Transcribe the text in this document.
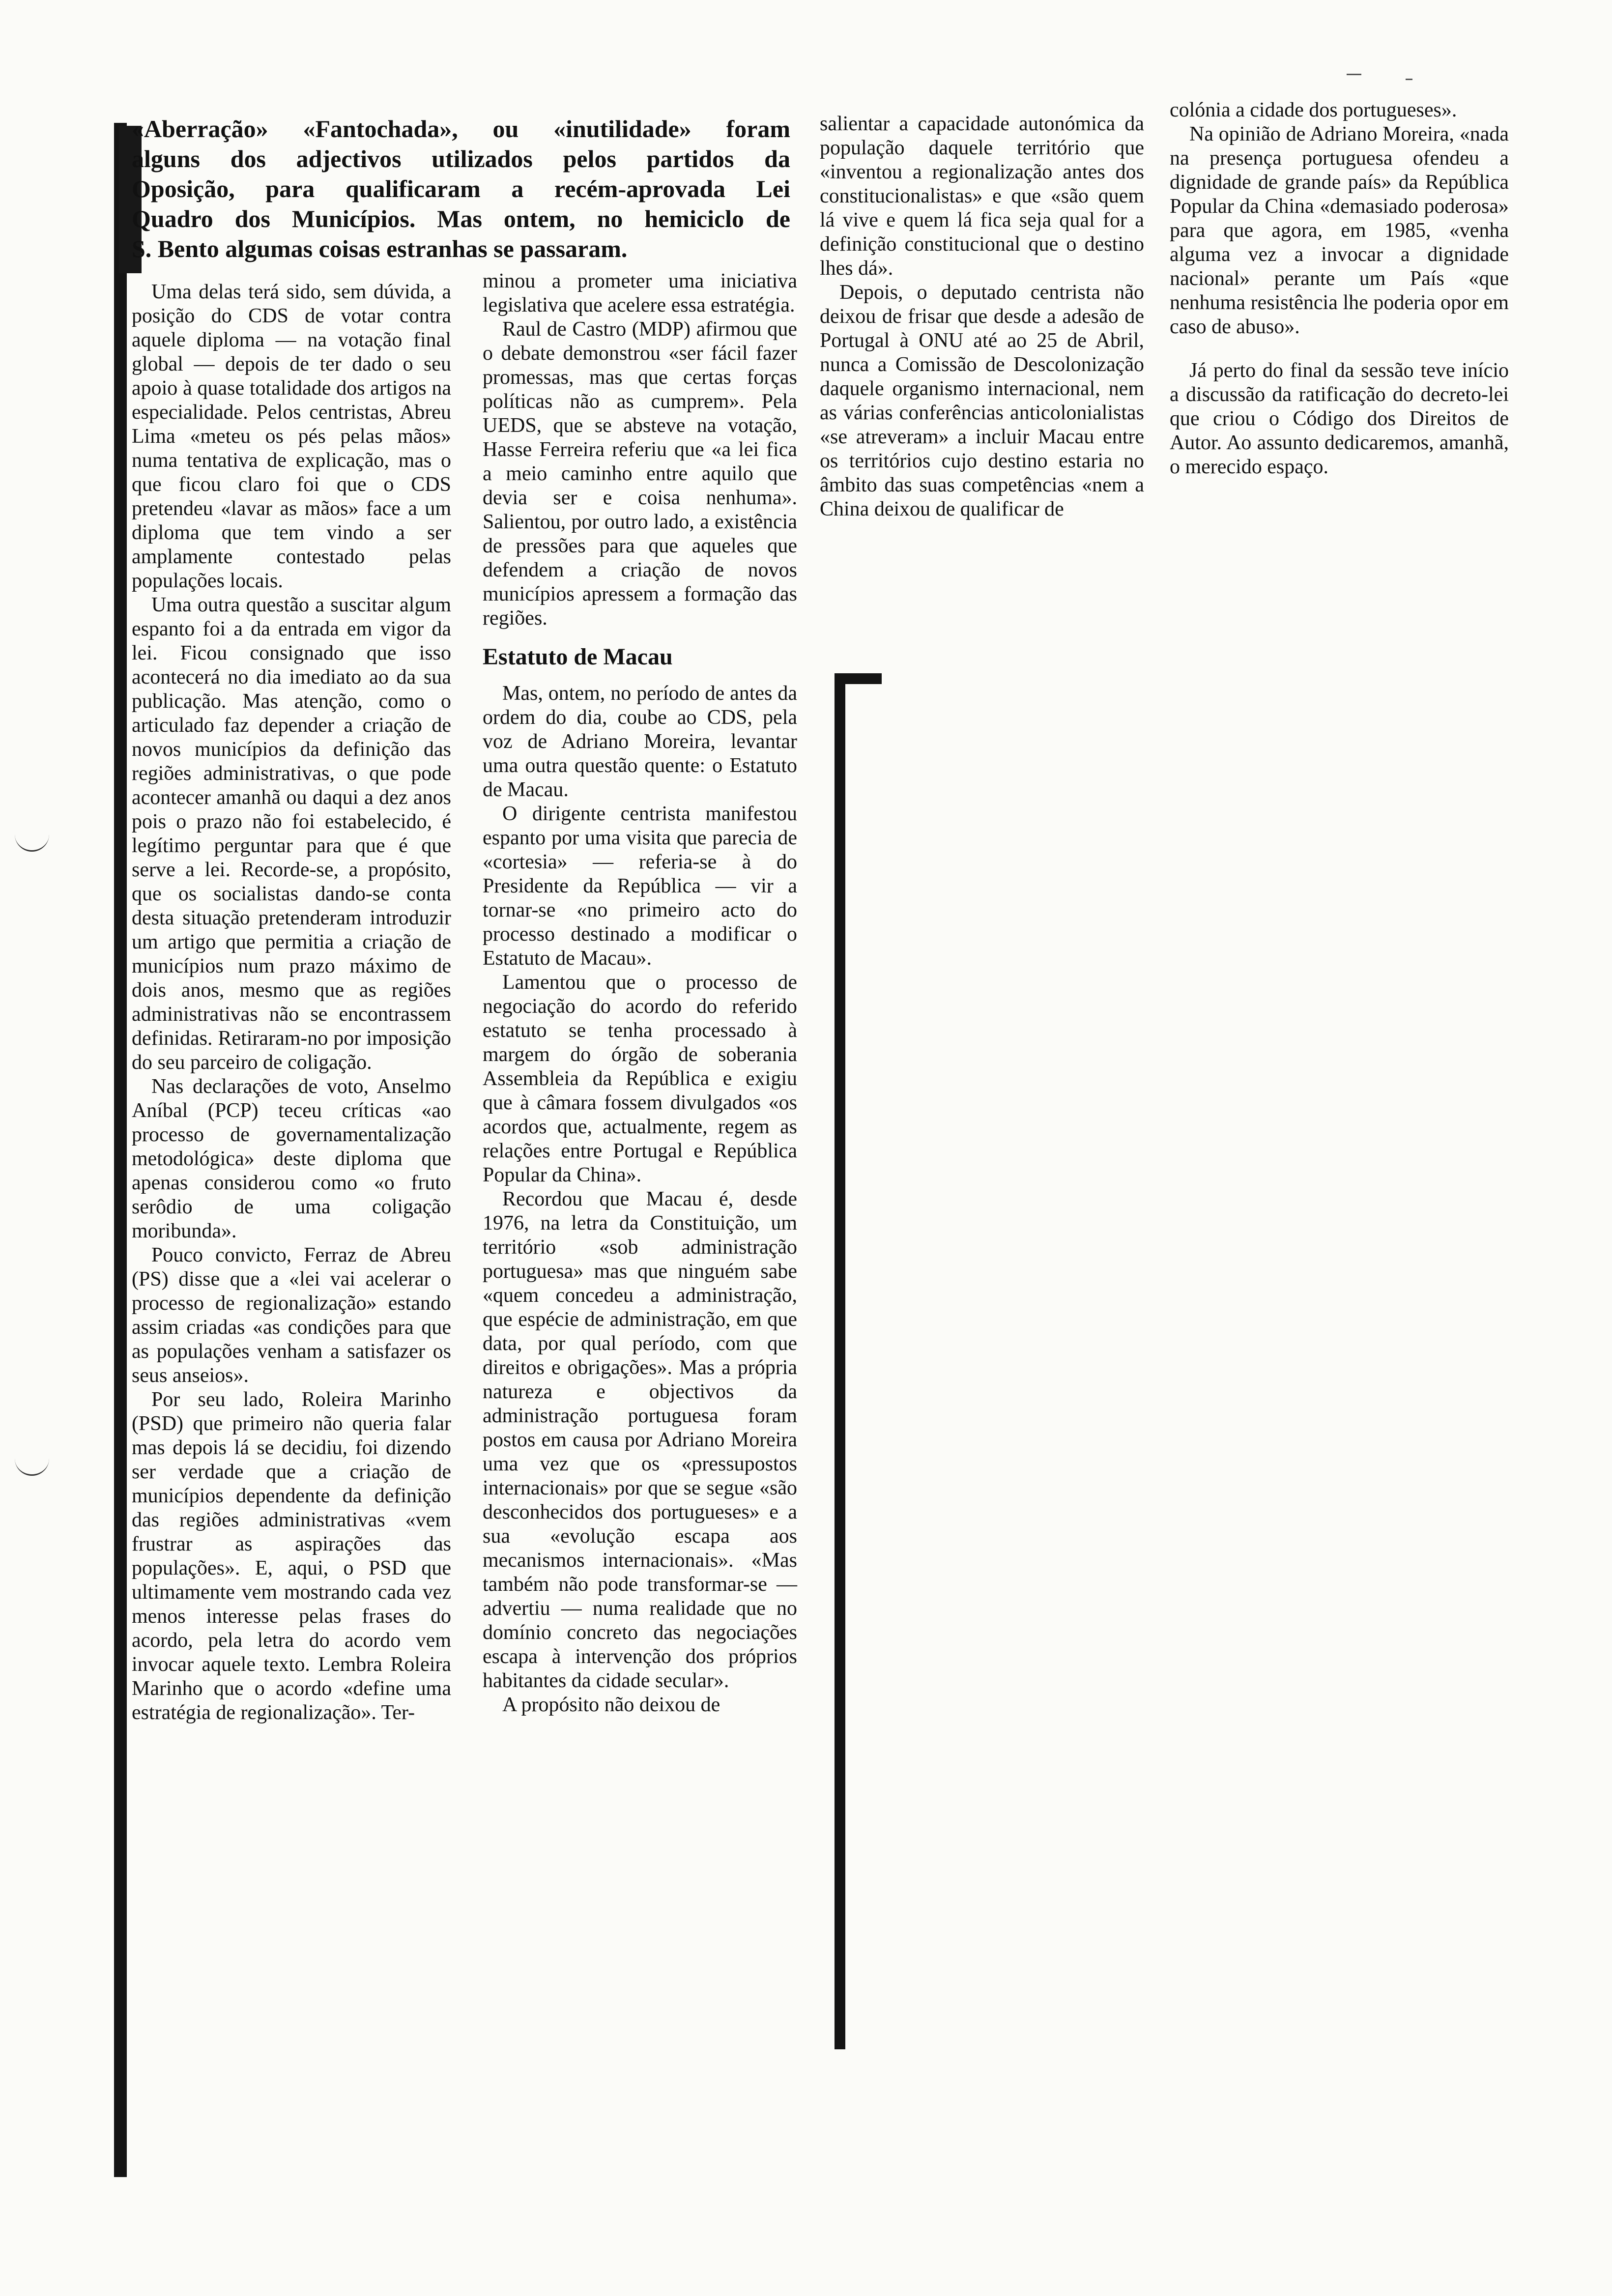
«Aberração» «Fantochada», ou «inutilidade» foram
alguns dos adjectivos utilizados pelos partidos da
Oposição, para qualificaram a recém-aprovada Lei
Quadro dos Municípios. Mas ontem, no hemiciclo de
S. Bento algumas coisas estranhas se passaram.

Uma delas terá sido, sem dúvida, a posição do CDS de votar contra aquele diploma — na votação final global — depois de ter dado o seu apoio à quase totalidade dos artigos na especialidade. Pelos centristas, Abreu Lima «meteu os pés pelas mãos» numa tentativa de explicação, mas o que ficou claro foi que o CDS pretendeu «lavar as mãos» face a um diploma que tem vindo a ser amplamente contestado pelas populações locais.

Uma outra questão a suscitar algum espanto foi a da entrada em vigor da lei. Ficou consignado que isso acontecerá no dia imediato ao da sua publicação. Mas atenção, como o articulado faz depender a criação de novos municípios da definição das regiões administrativas, o que pode acontecer amanhã ou daqui a dez anos pois o prazo não foi estabelecido, é legítimo perguntar para que é que serve a lei. Recorde-se, a propósito, que os socialistas dando-se conta desta situação pretenderam introduzir um artigo que permitia a criação de municípios num prazo máximo de dois anos, mesmo que as regiões administrativas não se encontrassem definidas. Retiraram-no por imposição do seu parceiro de coligação.

Nas declarações de voto, Anselmo Aníbal (PCP) teceu críticas «ao processo de governamentalização metodológica» deste diploma que apenas considerou como «o fruto serôdio de uma coligação moribunda».

Pouco convicto, Ferraz de Abreu (PS) disse que a «lei vai acelerar o processo de regionalização» estando assim criadas «as condições para que as populações venham a satisfazer os seus anseios».

Por seu lado, Roleira Marinho (PSD) que primeiro não queria falar mas depois lá se decidiu, foi dizendo ser verdade que a criação de municípios dependente da definição das regiões administrativas «vem frustrar as aspirações das populações». E, aqui, o PSD que ultimamente vem mostrando cada vez menos interesse pelas frases do acordo, pela letra do acordo vem invocar aquele texto. Lembra Roleira Marinho que o acordo «define uma estratégia de regionalização». Ter-

minou a prometer uma iniciativa legislativa que acelere essa estratégia.

Raul de Castro (MDP) afirmou que o debate demonstrou «ser fácil fazer promessas, mas que certas forças políticas não as cumprem». Pela UEDS, que se absteve na votação, Hasse Ferreira referiu que «a lei fica a meio caminho entre aquilo que devia ser e coisa nenhuma». Salientou, por outro lado, a existência de pressões para que aqueles que defendem a criação de novos municípios apressem a formação das regiões.

Estatuto de Macau

Mas, ontem, no período de antes da ordem do dia, coube ao CDS, pela voz de Adriano Moreira, levantar uma outra questão quente: o Estatuto de Macau.

O dirigente centrista manifestou espanto por uma visita que parecia de «cortesia» — referia-se à do Presidente da República — vir a tornar-se «no primeiro acto do processo destinado a modificar o Estatuto de Macau».

Lamentou que o processo de negociação do acordo do referido estatuto se tenha processado à margem do órgão de soberania Assembleia da República e exigiu que à câmara fossem divulgados «os acordos que, actualmente, regem as relações entre Portugal e República Popular da China».

Recordou que Macau é, desde 1976, na letra da Constituição, um território «sob administração portuguesa» mas que ninguém sabe «quem concedeu a administração, que espécie de administração, em que data, por qual período, com que direitos e obrigações». Mas a própria natureza e objectivos da administração portuguesa foram postos em causa por Adriano Moreira uma vez que os «pressupostos internacionais» por que se segue «são desconhecidos dos portugueses» e a sua «evolução escapa aos mecanismos internacionais». «Mas também não pode transformar-se — advertiu — numa realidade que no domínio concreto das negociações escapa à intervenção dos próprios habitantes da cidade secular».

A propósito não deixou de

salientar a capacidade autonómica da população daquele território que «inventou a regionalização antes dos constitucionalistas» e que «são quem lá vive e quem lá fica seja qual for a definição constitucional que o destino lhes dá».

Depois, o deputado centrista não deixou de frisar que desde a adesão de Portugal à ONU até ao 25 de Abril, nunca a Comissão de Descolonização daquele organismo internacional, nem as várias conferências anticolonialistas «se atreveram» a incluir Macau entre os territórios cujo destino estaria no âmbito das suas competências «nem a China deixou de qualificar de

colónia a cidade dos portugueses».

Na opinião de Adriano Moreira, «nada na presença portuguesa ofendeu a dignidade de grande país» da República Popular da China «demasiado poderosa» para que agora, em 1985, «venha alguma vez a invocar a dignidade nacional» perante um País «que nenhuma resistência lhe poderia opor em caso de abuso».

Já perto do final da sessão teve início a discussão da ratificação do decreto-lei que criou o Código dos Direitos de Autor. Ao assunto dedicaremos, amanhã, o merecido espaço.
